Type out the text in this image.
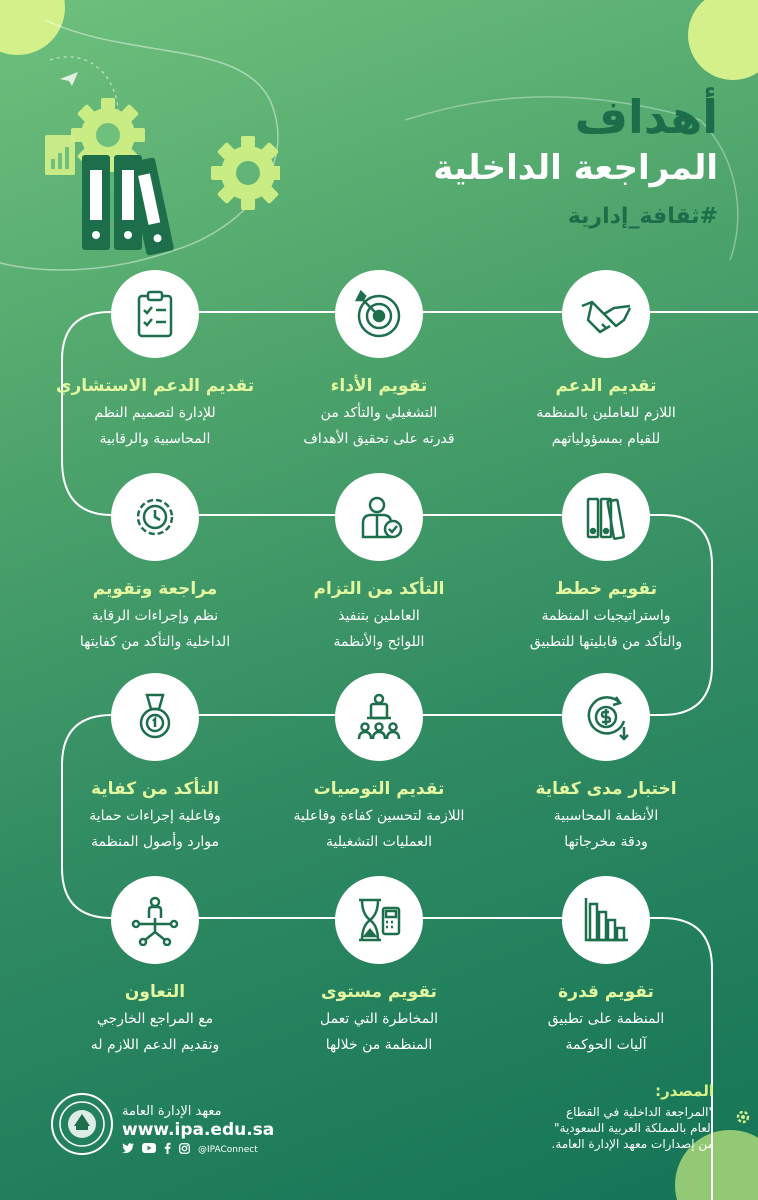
أهداف
المراجعة الداخلية
#ثقافة_إدارية
تقديم الدعم
اللازم للعاملين بالمنظمة
للقيام بمسؤولياتهم
تقويم الأداء
التشغيلي والتأكد من
قدرته على تحقيق الأهداف
تقديم الدعم الاستشاري
للإدارة لتصميم النظم
المحاسبية والرقابية
تقويم خطط
واستراتيجيات المنظمة
والتأكد من قابليتها للتطبيق
التأكد من التزام
العاملين بتنفيذ
اللوائح والأنظمة
مراجعة وتقويم
نظم وإجراءات الرقابة
الداخلية والتأكد من كفايتها
اختبار مدى كفاية
الأنظمة المحاسبية
ودقة مخرجاتها
تقديم التوصيات
اللازمة لتحسين كفاءة وفاعلية
العمليات التشغيلية
التأكد من كفاية
وفاعلية إجراءات حماية
موارد وأصول المنظمة
تقويم قدرة
المنظمة على تطبيق
آليات الحوكمة
تقويم مستوى
المخاطرة التي تعمل
المنظمة من خلالها
التعاون
مع المراجع الخارجي
وتقديم الدعم اللازم له
المصدر:
"المراجعة الداخلية في القطاع
العام بالمملكة العربية السعودية"
من إصدارات معهد الإدارة العامة.
معهد الإدارة العامة
www.ipa.edu.sa
@IPAConnect
